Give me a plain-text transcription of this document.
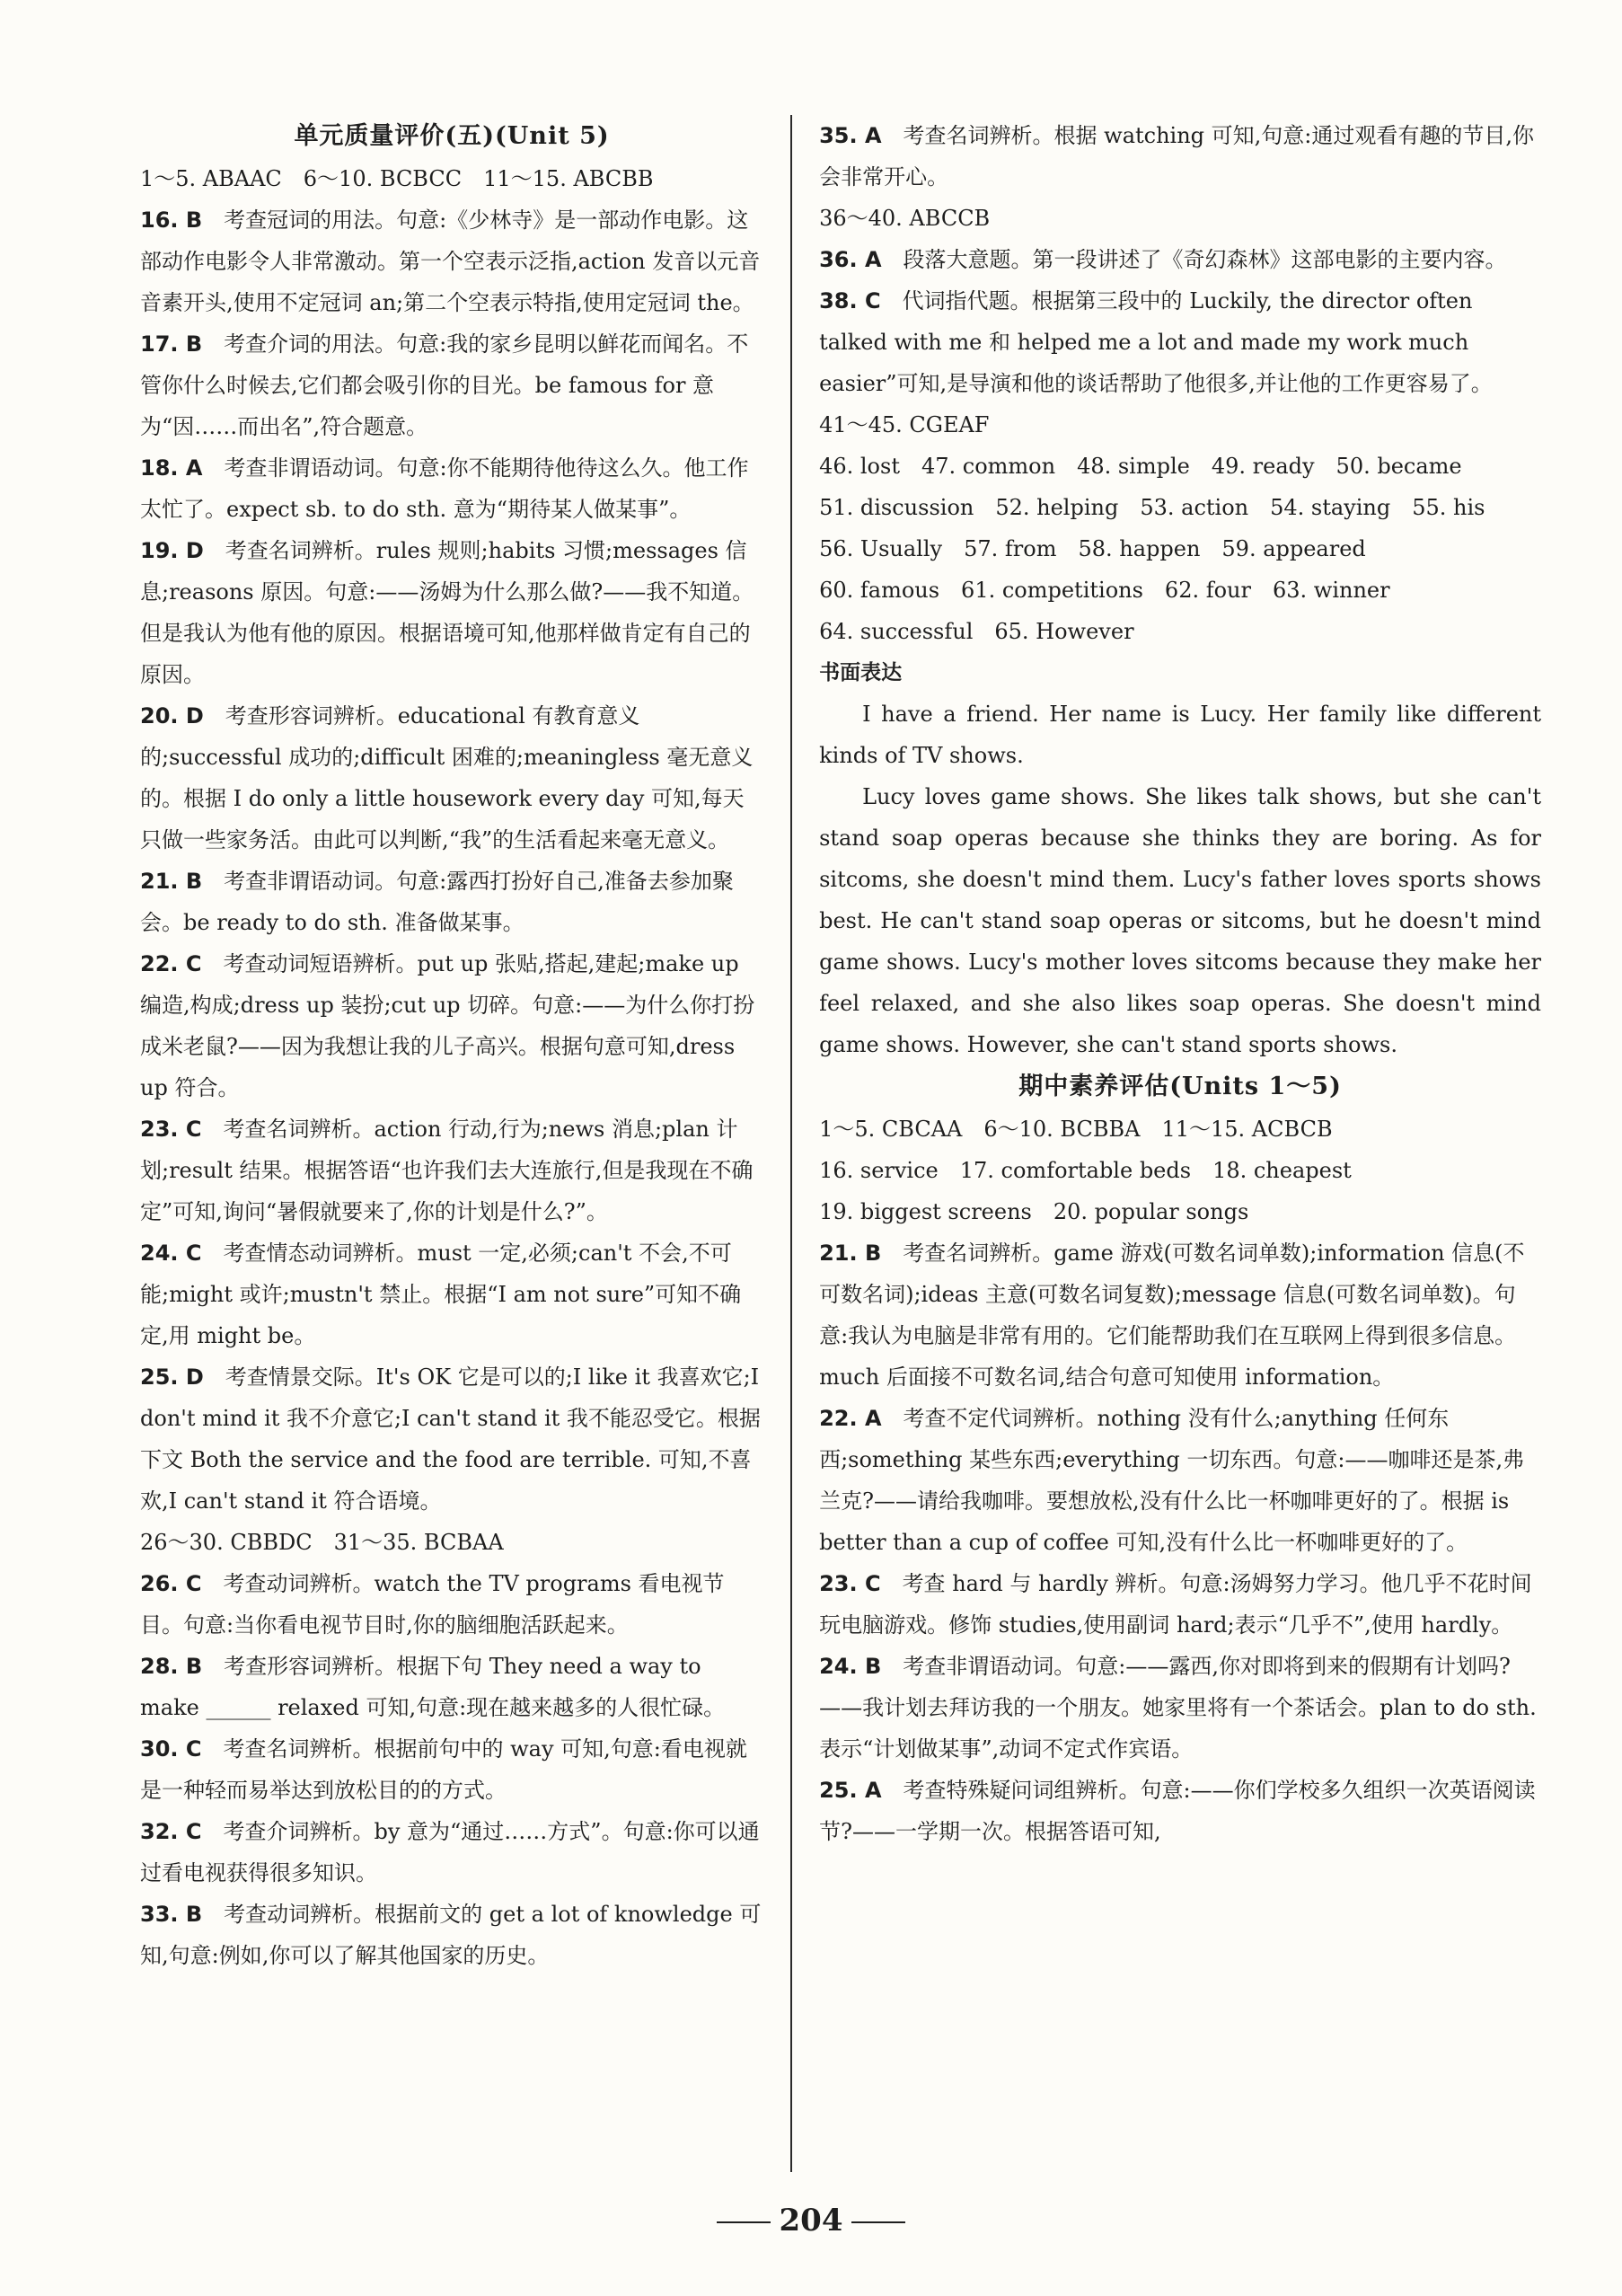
单元质量评价(五)(Unit 5)
1～5. ABAAC　6～10. BCBCC　11～15. ABCBB

16. B　 考查冠词的用法。句意:《少林寺》是一部动作电影。这部动作电影令人非常激动。第一个空表示泛指,action 发音以元音音素开头,使用不定冠词 an;第二个空表示特指,使用定冠词 the。

17. B　 考查介词的用法。句意:我的家乡昆明以鲜花而闻名。不管你什么时候去,它们都会吸引你的目光。be famous for 意为“因……而出名”,符合题意。

18. A　 考查非谓语动词。句意:你不能期待他待这么久。他工作太忙了。expect sb. to do sth. 意为“期待某人做某事”。

19. D　 考查名词辨析。rules 规则;habits 习惯;messages 信息;reasons 原因。句意:——汤姆为什么那么做?——我不知道。但是我认为他有他的原因。根据语境可知,他那样做肯定有自己的原因。

20. D　 考查形容词辨析。educational 有教育意义的;successful 成功的;difficult 困难的;meaningless 毫无意义的。根据 I do only a little housework every day 可知,每天只做一些家务活。由此可以判断,“我”的生活看起来毫无意义。

21. B　 考查非谓语动词。句意:露西打扮好自己,准备去参加聚会。be ready to do sth. 准备做某事。

22. C　 考查动词短语辨析。put up 张贴,搭起,建起;make up 编造,构成;dress up 装扮;cut up 切碎。句意:——为什么你打扮成米老鼠?——因为我想让我的儿子高兴。根据句意可知,dress up 符合。

23. C　 考查名词辨析。action 行动,行为;news 消息;plan 计划;result 结果。根据答语“也许我们去大连旅行,但是我现在不确定”可知,询问“暑假就要来了,你的计划是什么?”。

24. C　 考查情态动词辨析。must 一定,必须;can't 不会,不可能;might 或许;mustn't 禁止。根据“I am not sure”可知不确定,用 might be。

25. D　 考查情景交际。It's OK 它是可以的;I like it 我喜欢它;I don't mind it 我不介意它;I can't stand it 我不能忍受它。根据下文 Both the service and the food are terrible. 可知,不喜欢,I can't stand it 符合语境。

26～30. CBBDC　31～35. BCBAA

26. C　 考查动词辨析。watch the TV programs 看电视节目。句意:当你看电视节目时,你的脑细胞活跃起来。

28. B　 考查形容词辨析。根据下句 They need a way to make ______ relaxed 可知,句意:现在越来越多的人很忙碌。

30. C　 考查名词辨析。根据前句中的 way 可知,句意:看电视就是一种轻而易举达到放松目的的方式。

32. C　 考查介词辨析。by 意为“通过……方式”。句意:你可以通过看电视获得很多知识。

33. B　 考查动词辨析。根据前文的 get a lot of knowledge 可知,句意:例如,你可以了解其他国家的历史。

35. A　 考查名词辨析。根据 watching 可知,句意:通过观看有趣的节目,你会非常开心。

36～40. ABCCB

36. A　 段落大意题。第一段讲述了《奇幻森林》这部电影的主要内容。

38. C　 代词指代题。根据第三段中的 Luckily, the director often talked with me 和 helped me a lot and made my work much easier”可知,是导演和他的谈话帮助了他很多,并让他的工作更容易了。

41～45. CGEAF
46. lost　47. common　48. simple　49. ready　50. became
51. discussion　52. helping　53. action　54. staying　55. his
56. Usually　57. from　58. happen　59. appeared
60. famous　61. competitions　62. four　63. winner
64. successful　65. However
书面表达

I have a friend. Her name is Lucy. Her family like different kinds of TV shows.

Lucy loves game shows. She likes talk shows, but she can't stand soap operas because she thinks they are boring. As for sitcoms, she doesn't mind them. Lucy's father loves sports shows best. He can't stand soap operas or sitcoms, but he doesn't mind game shows. Lucy's mother loves sitcoms because they make her feel relaxed, and she also likes soap operas. She doesn't mind game shows. However, she can't stand sports shows.

期中素养评估(Units 1～5)
1～5. CBCAA　6～10. BCBBA　11～15. ACBCB
16. service　17. comfortable beds　18. cheapest
19. biggest screens　20. popular songs

21. B　 考查名词辨析。game 游戏(可数名词单数);information 信息(不可数名词);ideas 主意(可数名词复数);message 信息(可数名词单数)。句意:我认为电脑是非常有用的。它们能帮助我们在互联网上得到很多信息。much 后面接不可数名词,结合句意可知使用 information。

22. A　 考查不定代词辨析。nothing 没有什么;anything 任何东西;something 某些东西;everything 一切东西。句意:——咖啡还是茶,弗兰克?——请给我咖啡。要想放松,没有什么比一杯咖啡更好的了。根据 is better than a cup of coffee 可知,没有什么比一杯咖啡更好的了。

23. C　 考查 hard 与 hardly 辨析。句意:汤姆努力学习。他几乎不花时间玩电脑游戏。修饰 studies,使用副词 hard;表示“几乎不”,使用 hardly。

24. B　 考查非谓语动词。句意:——露西,你对即将到来的假期有计划吗?——我计划去拜访我的一个朋友。她家里将有一个茶话会。plan to do sth. 表示“计划做某事”,动词不定式作宾语。

25. A　 考查特殊疑问词组辨析。句意:——你们学校多久组织一次英语阅读节?——一学期一次。根据答语可知,

204
